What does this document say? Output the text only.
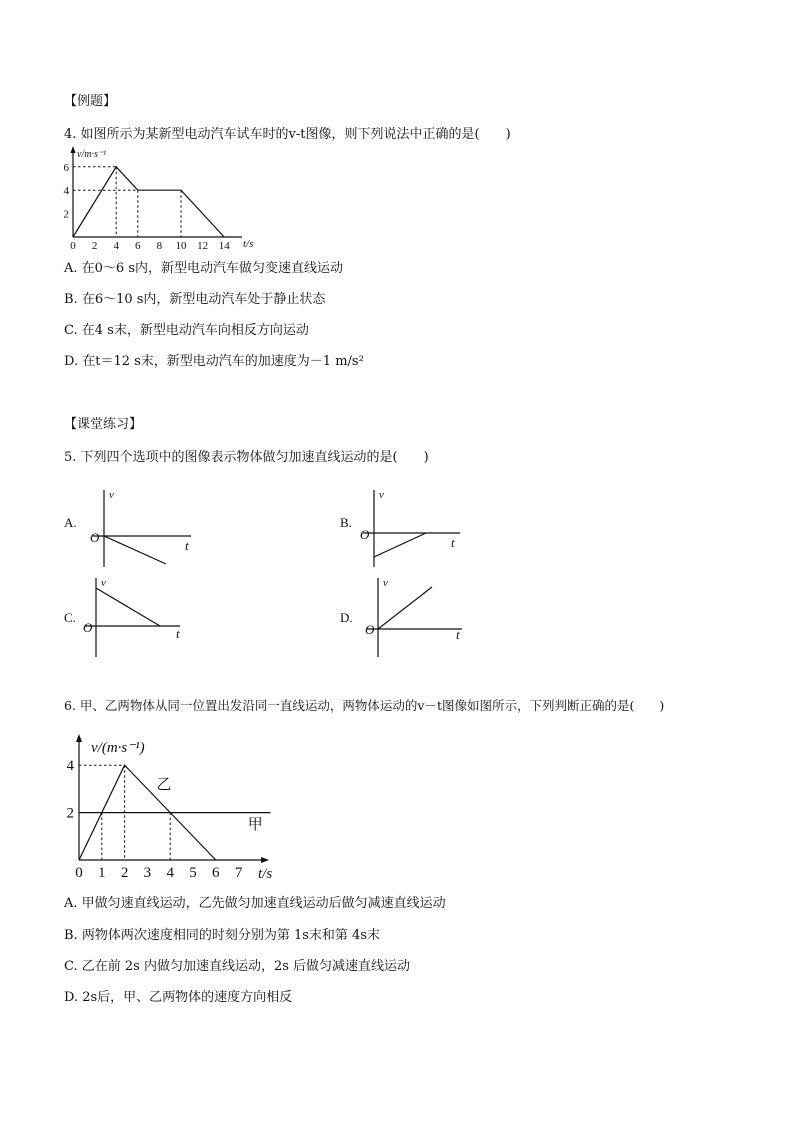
【例题】
4. 如图所示为某新型电动汽车试车时的v-t图像，则下列说法中正确的是(　　)
v/m·s⁻¹
t/s
0 2 4 6 8 10 12 14
2
4
6
A. 在0～6 s内，新型电动汽车做匀变速直线运动
B. 在6～10 s内，新型电动汽车处于静止状态
C. 在4 s末，新型电动汽车向相反方向运动
D. 在t＝12 s末，新型电动汽车的加速度为－1 m/s²
【课堂练习】
5. 下列四个选项中的图像表示物体做匀加速直线运动的是(　　)
A.
v
t
O
B.
v
t
O
C.
v
t
O
D.
v
t
O
6. 甲、乙两物体从同一位置出发沿同一直线运动，两物体运动的v－t图像如图所示，下列判断正确的是(　　)
v/(m·s⁻¹)
t/s
乙
甲
0 1 2 3 4 5 6 7
2
4
A. 甲做匀速直线运动，乙先做匀加速直线运动后做匀减速直线运动
B. 两物体两次速度相同的时刻分别为第 1s末和第 4s末
C. 乙在前 2s 内做匀加速直线运动，2s 后做匀减速直线运动
D. 2s后，甲、乙两物体的速度方向相反
